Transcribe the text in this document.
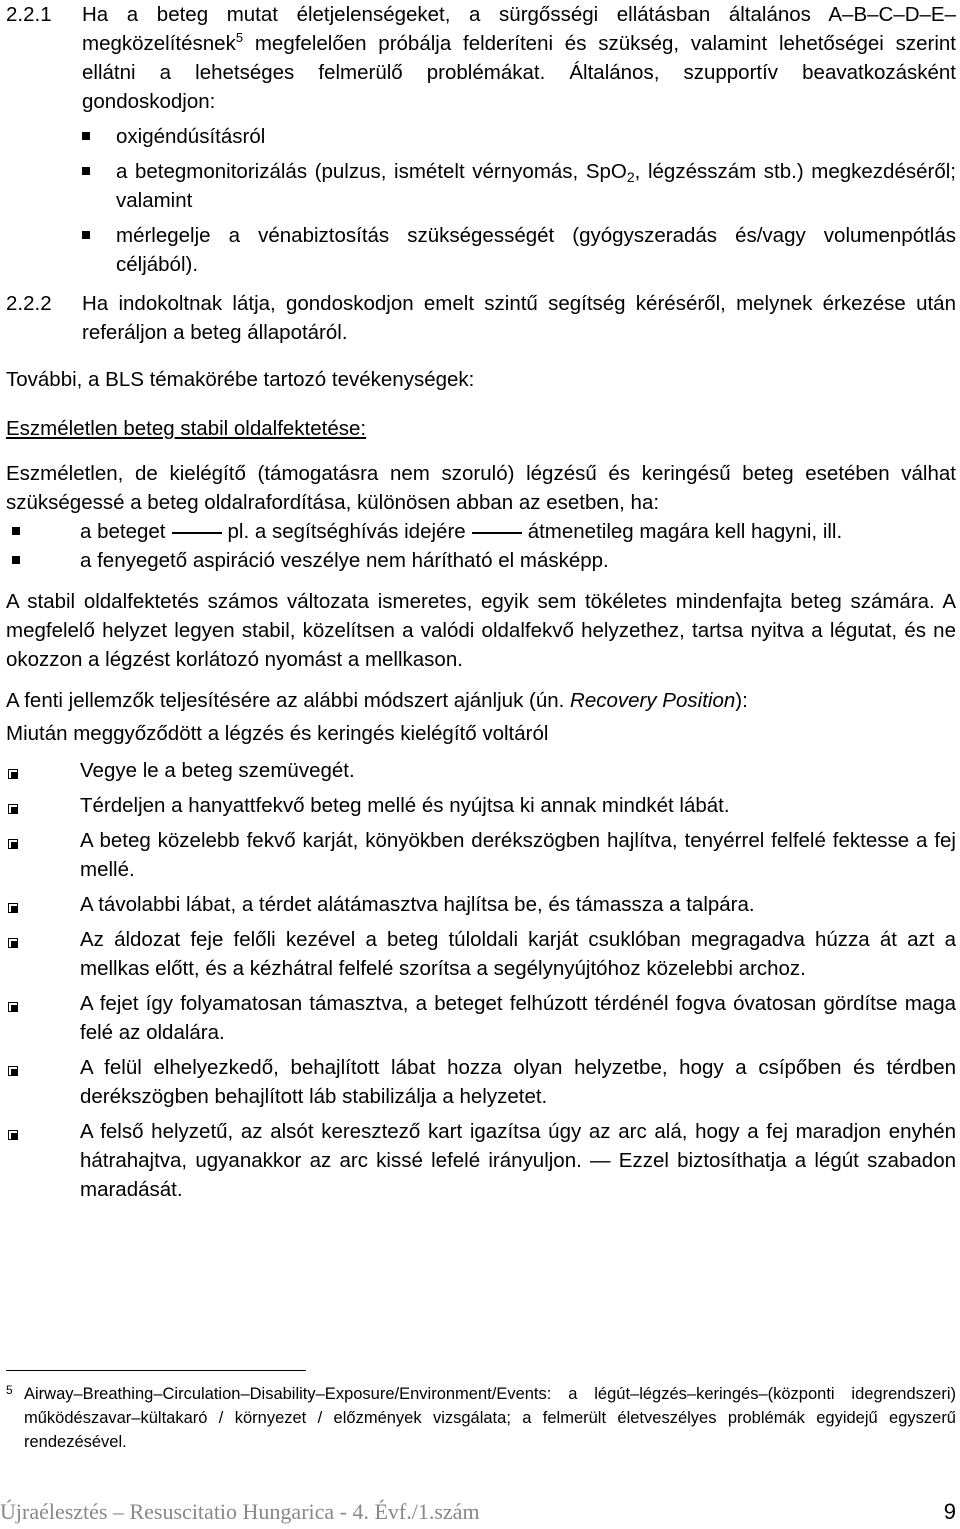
2.2.1 Ha a beteg mutat életjelenségeket, a sürgősségi ellátásban általános A–B–C–D–E–megközelítésnek$^5$ megfelelően próbálja felderíteni és szükség, valamint lehetőségei szerint ellátni a lehetséges felmerülő problémákat. Általános, szupportív beavatkozásként gondoskodjon:

oxigéndúsításról
a betegmonitorizálás (pulzus, ismételt vérnyomás, SpO$_2$, légzésszám stb.) megkezdéséről; valamint
mérlegelje a vénabiztosítás szükségességét (gyógyszeradás és/vagy volumenpótlás céljából).
2.2.2 Ha indokoltnak látja, gondoskodjon emelt szintű segítség kéréséről, melynek érkezése után referáljon a beteg állapotáról.

További, a BLS témakörébe tartozó tevékenységek:

Eszméletlen beteg stabil oldalfektetése:

Eszméletlen, de kielégítő (támogatásra nem szoruló) légzésű és keringésű beteg esetében válhat szükségessé a beteg oldalrafordítása, különösen abban az esetben, ha:

a beteget	pl. a segítséghívás idejére	átmenetileg magára kell hagyni, ill.
a fenyegető aspiráció veszélye nem hárítható el másképp.

A stabil oldalfektetés számos változata ismeretes, egyik sem tökéletes mindenfajta beteg számára. A megfelelő helyzet legyen stabil, közelítsen a valódi oldalfekvő helyzethez, tartsa nyitva a légutat, és ne okozzon a légzést korlátozó nyomást a mellkason.

A fenti jellemzők teljesítésére az alábbi módszert ajánljuk (ún. Recovery Position):

Miután meggyőződött a légzés és keringés kielégítő voltáról

Vegye le a beteg szemüvegét.
Térdeljen a hanyattfekvő beteg mellé és nyújtsa ki annak mindkét lábát.
A beteg közelebb fekvő karját, könyökben derékszögben hajlítva, tenyérrel felfelé fektesse a fej mellé.
A távolabbi lábat, a térdet alátámasztva hajlítsa be, és támassza a talpára.
Az áldozat feje felőli kezével a beteg túloldali karját csuklóban megragadva húzza át azt a mellkas előtt, és a kézhátral felfelé szorítsa a segélynyújtóhoz közelebbi archoz.
A fejet így folyamatosan támasztva, a beteget felhúzott térdénél fogva óvatosan gördítse maga felé az oldalára.
A felül elhelyezkedő, behajlított lábat hozza olyan helyzetbe, hogy a csípőben és térdben derékszögben behajlított láb stabilizálja a helyzetet.
A felső helyzetű, az alsót keresztező kart igazítsa úgy az arc alá, hogy a fej maradjon enyhén hátrahajtva, ugyanakkor az arc kissé lefelé irányuljon. — Ezzel biztosíthatja a légút szabadon maradását.
5 Airway–Breathing–Circulation–Disability–Exposure/Environment/Events: a légút–légzés–keringés–(központi idegrendszeri) működészavar–kültakaró / környezet / előzmények vizsgálata; a felmerült életveszélyes problémák egyidejű egyszerű rendezésével.

Újraélesztés – Resuscitatio Hungarica - 4. Évf./1.szám	9
